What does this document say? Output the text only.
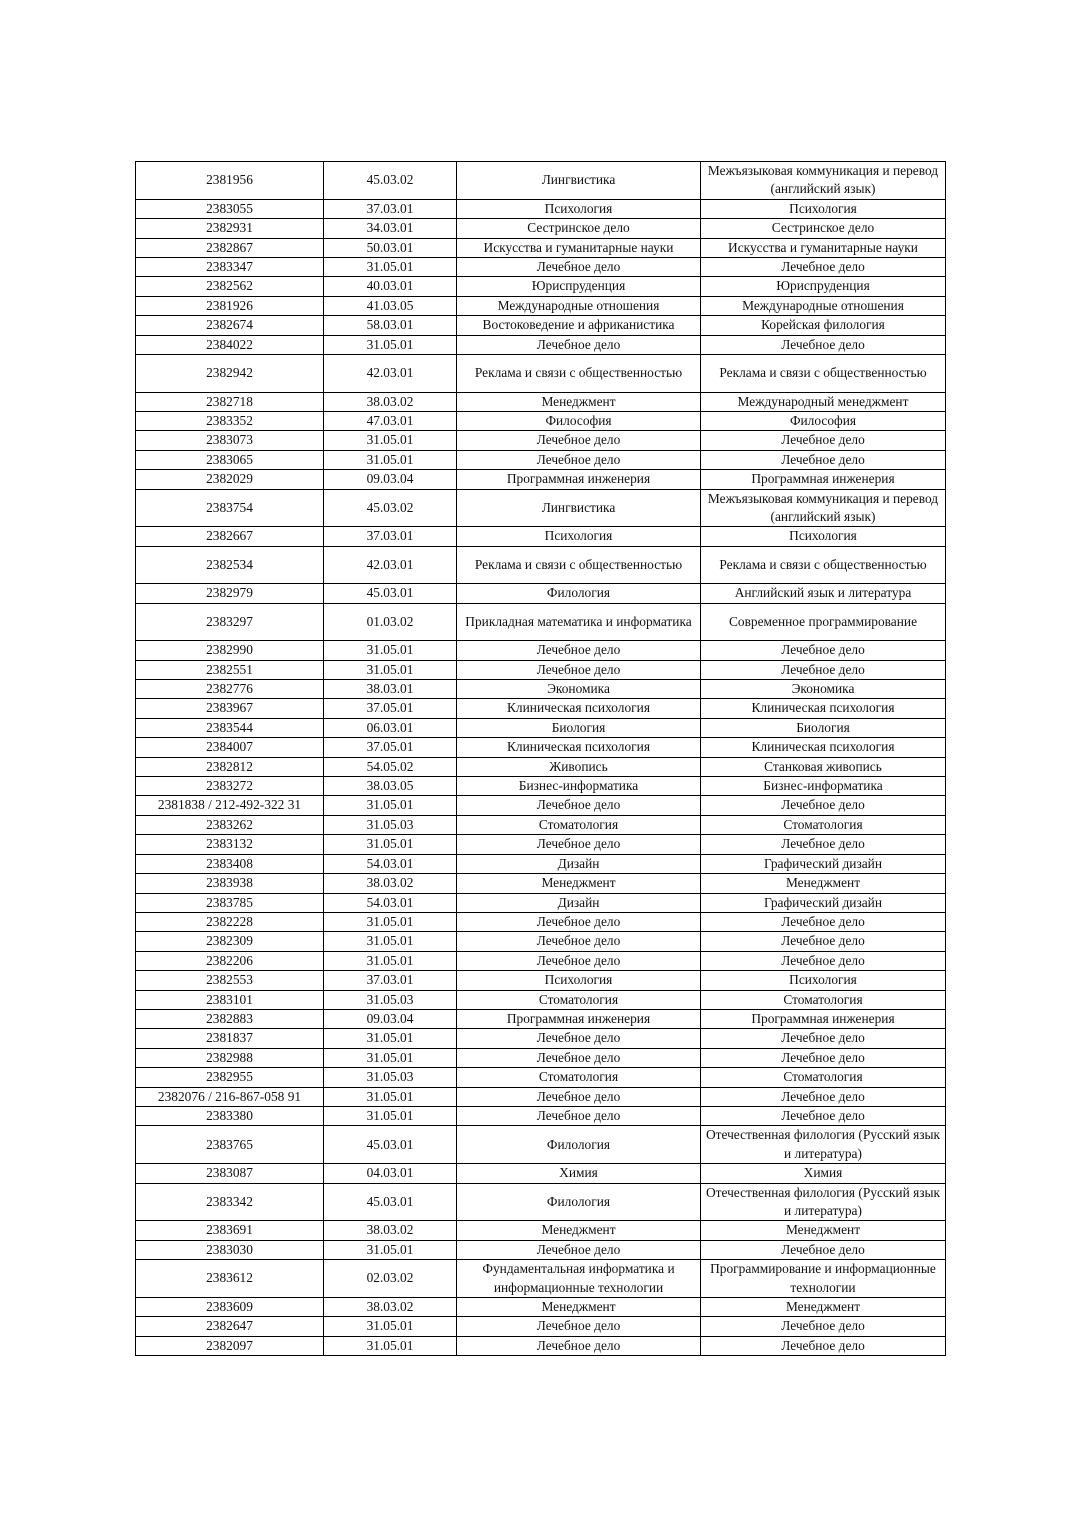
2381956	45.03.02	Лингвистика	Межъязыковая коммуникация и перевод (английский язык)
2383055	37.03.01	Психология	Психология
2382931	34.03.01	Сестринское дело	Сестринское дело
2382867	50.03.01	Искусства и гуманитарные науки	Искусства и гуманитарные науки
2383347	31.05.01	Лечебное дело	Лечебное дело
2382562	40.03.01	Юриспруденция	Юриспруденция
2381926	41.03.05	Международные отношения	Международные отношения
2382674	58.03.01	Востоковедение и африканистика	Корейская филология
2384022	31.05.01	Лечебное дело	Лечебное дело
2382942	42.03.01	Реклама и связи с общественностью	Реклама и связи с общественностью
2382718	38.03.02	Менеджмент	Международный менеджмент
2383352	47.03.01	Философия	Философия
2383073	31.05.01	Лечебное дело	Лечебное дело
2383065	31.05.01	Лечебное дело	Лечебное дело
2382029	09.03.04	Программная инженерия	Программная инженерия
2383754	45.03.02	Лингвистика	Межъязыковая коммуникация и перевод (английский язык)
2382667	37.03.01	Психология	Психология
2382534	42.03.01	Реклама и связи с общественностью	Реклама и связи с общественностью
2382979	45.03.01	Филология	Английский язык и литература
2383297	01.03.02	Прикладная математика и информатика	Современное программирование
2382990	31.05.01	Лечебное дело	Лечебное дело
2382551	31.05.01	Лечебное дело	Лечебное дело
2382776	38.03.01	Экономика	Экономика
2383967	37.05.01	Клиническая психология	Клиническая психология
2383544	06.03.01	Биология	Биология
2384007	37.05.01	Клиническая психология	Клиническая психология
2382812	54.05.02	Живопись	Станковая живопись
2383272	38.03.05	Бизнес-информатика	Бизнес-информатика
2381838 / 212-492-322 31	31.05.01	Лечебное дело	Лечебное дело
2383262	31.05.03	Стоматология	Стоматология
2383132	31.05.01	Лечебное дело	Лечебное дело
2383408	54.03.01	Дизайн	Графический дизайн
2383938	38.03.02	Менеджмент	Менеджмент
2383785	54.03.01	Дизайн	Графический дизайн
2382228	31.05.01	Лечебное дело	Лечебное дело
2382309	31.05.01	Лечебное дело	Лечебное дело
2382206	31.05.01	Лечебное дело	Лечебное дело
2382553	37.03.01	Психология	Психология
2383101	31.05.03	Стоматология	Стоматология
2382883	09.03.04	Программная инженерия	Программная инженерия
2381837	31.05.01	Лечебное дело	Лечебное дело
2382988	31.05.01	Лечебное дело	Лечебное дело
2382955	31.05.03	Стоматология	Стоматология
2382076 / 216-867-058 91	31.05.01	Лечебное дело	Лечебное дело
2383380	31.05.01	Лечебное дело	Лечебное дело
2383765	45.03.01	Филология	Отечественная филология (Русский язык и литература)
2383087	04.03.01	Химия	Химия
2383342	45.03.01	Филология	Отечественная филология (Русский язык и литература)
2383691	38.03.02	Менеджмент	Менеджмент
2383030	31.05.01	Лечебное дело	Лечебное дело
2383612	02.03.02	Фундаментальная информатика и информационные технологии	Программирование и информационные технологии
2383609	38.03.02	Менеджмент	Менеджмент
2382647	31.05.01	Лечебное дело	Лечебное дело
2382097	31.05.01	Лечебное дело	Лечебное дело
